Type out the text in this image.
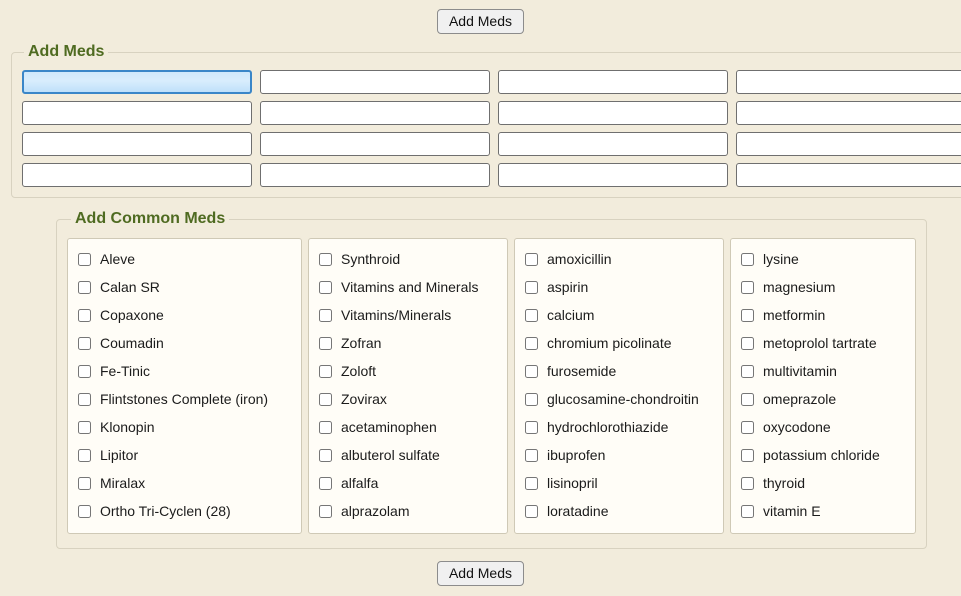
Add Meds
Add Meds
Add Common Meds
Aleve
Calan SR
Copaxone
Coumadin
Fe-Tinic
Flintstones Complete (iron)
Klonopin
Lipitor
Miralax
Ortho Tri-Cyclen (28)
Synthroid
Vitamins and Minerals
Vitamins/Minerals
Zofran
Zoloft
Zovirax
acetaminophen
albuterol sulfate
alfalfa
alprazolam
amoxicillin
aspirin
calcium
chromium picolinate
furosemide
glucosamine-chondroitin
hydrochlorothiazide
ibuprofen
lisinopril
loratadine
lysine
magnesium
metformin
metoprolol tartrate
multivitamin
omeprazole
oxycodone
potassium chloride
thyroid
vitamin E
Add Meds
